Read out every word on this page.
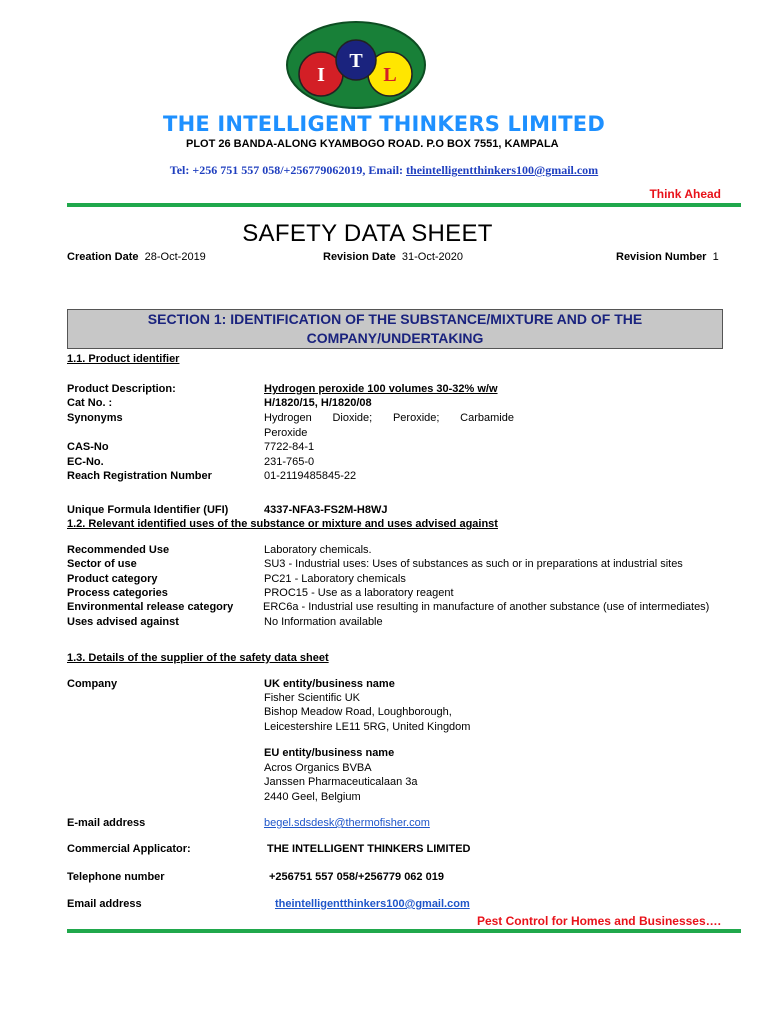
I
T
L
THE INTELLIGENT THINKERS LIMITED
PLOT 26 BANDA-ALONG KYAMBOGO ROAD. P.O BOX 7551, KAMPALA
Tel: +256 751 557 058/+256779062019, Email: theintelligentthinkers100@gmail.com
Think Ahead
SAFETY DATA SHEET
Creation Date 28-Oct-2019	Revision Date 31-Oct-2020	Revision Number 1
SECTION 1: IDENTIFICATION OF THE SUBSTANCE/MIXTURE AND OF THE
COMPANY/UNDERTAKING
1.1. Product identifier
Product Description:	Hydrogen peroxide 100 volumes 30-32% w/w
Cat No. :	H/1820/15, H/1820/08
Synonyms	Hydrogen Dioxide; Peroxide; Carbamide
Peroxide
CAS-No	7722-84-1
EC-No.	231-765-0
Reach Registration Number	01-2119485845-22
Unique Formula Identifier (UFI)	4337-NFA3-FS2M-H8WJ
1.2. Relevant identified uses of the substance or mixture and uses advised against
Recommended Use	Laboratory chemicals.
Sector of use	SU3 - Industrial uses: Uses of substances as such or in preparations at industrial sites
Product category	PC21 - Laboratory chemicals
Process categories	PROC15 - Use as a laboratory reagent
Environmental release category	ERC6a - Industrial use resulting in manufacture of another substance (use of intermediates)
Uses advised against	No Information available
1.3. Details of the supplier of the safety data sheet
Company	UK entity/business name
Fisher Scientific UK
Bishop Meadow Road, Loughborough,
Leicestershire LE11 5RG, United Kingdom
EU entity/business name
Acros Organics BVBA
Janssen Pharmaceuticalaan 3a
2440 Geel, Belgium
E-mail address	begel.sdsdesk@thermofisher.com
Commercial Applicator:	THE INTELLIGENT THINKERS LIMITED
Telephone number	+256751 557 058/+256779 062 019
Email address	theintelligentthinkers100@gmail.com
Pest Control for Homes and Businesses….
